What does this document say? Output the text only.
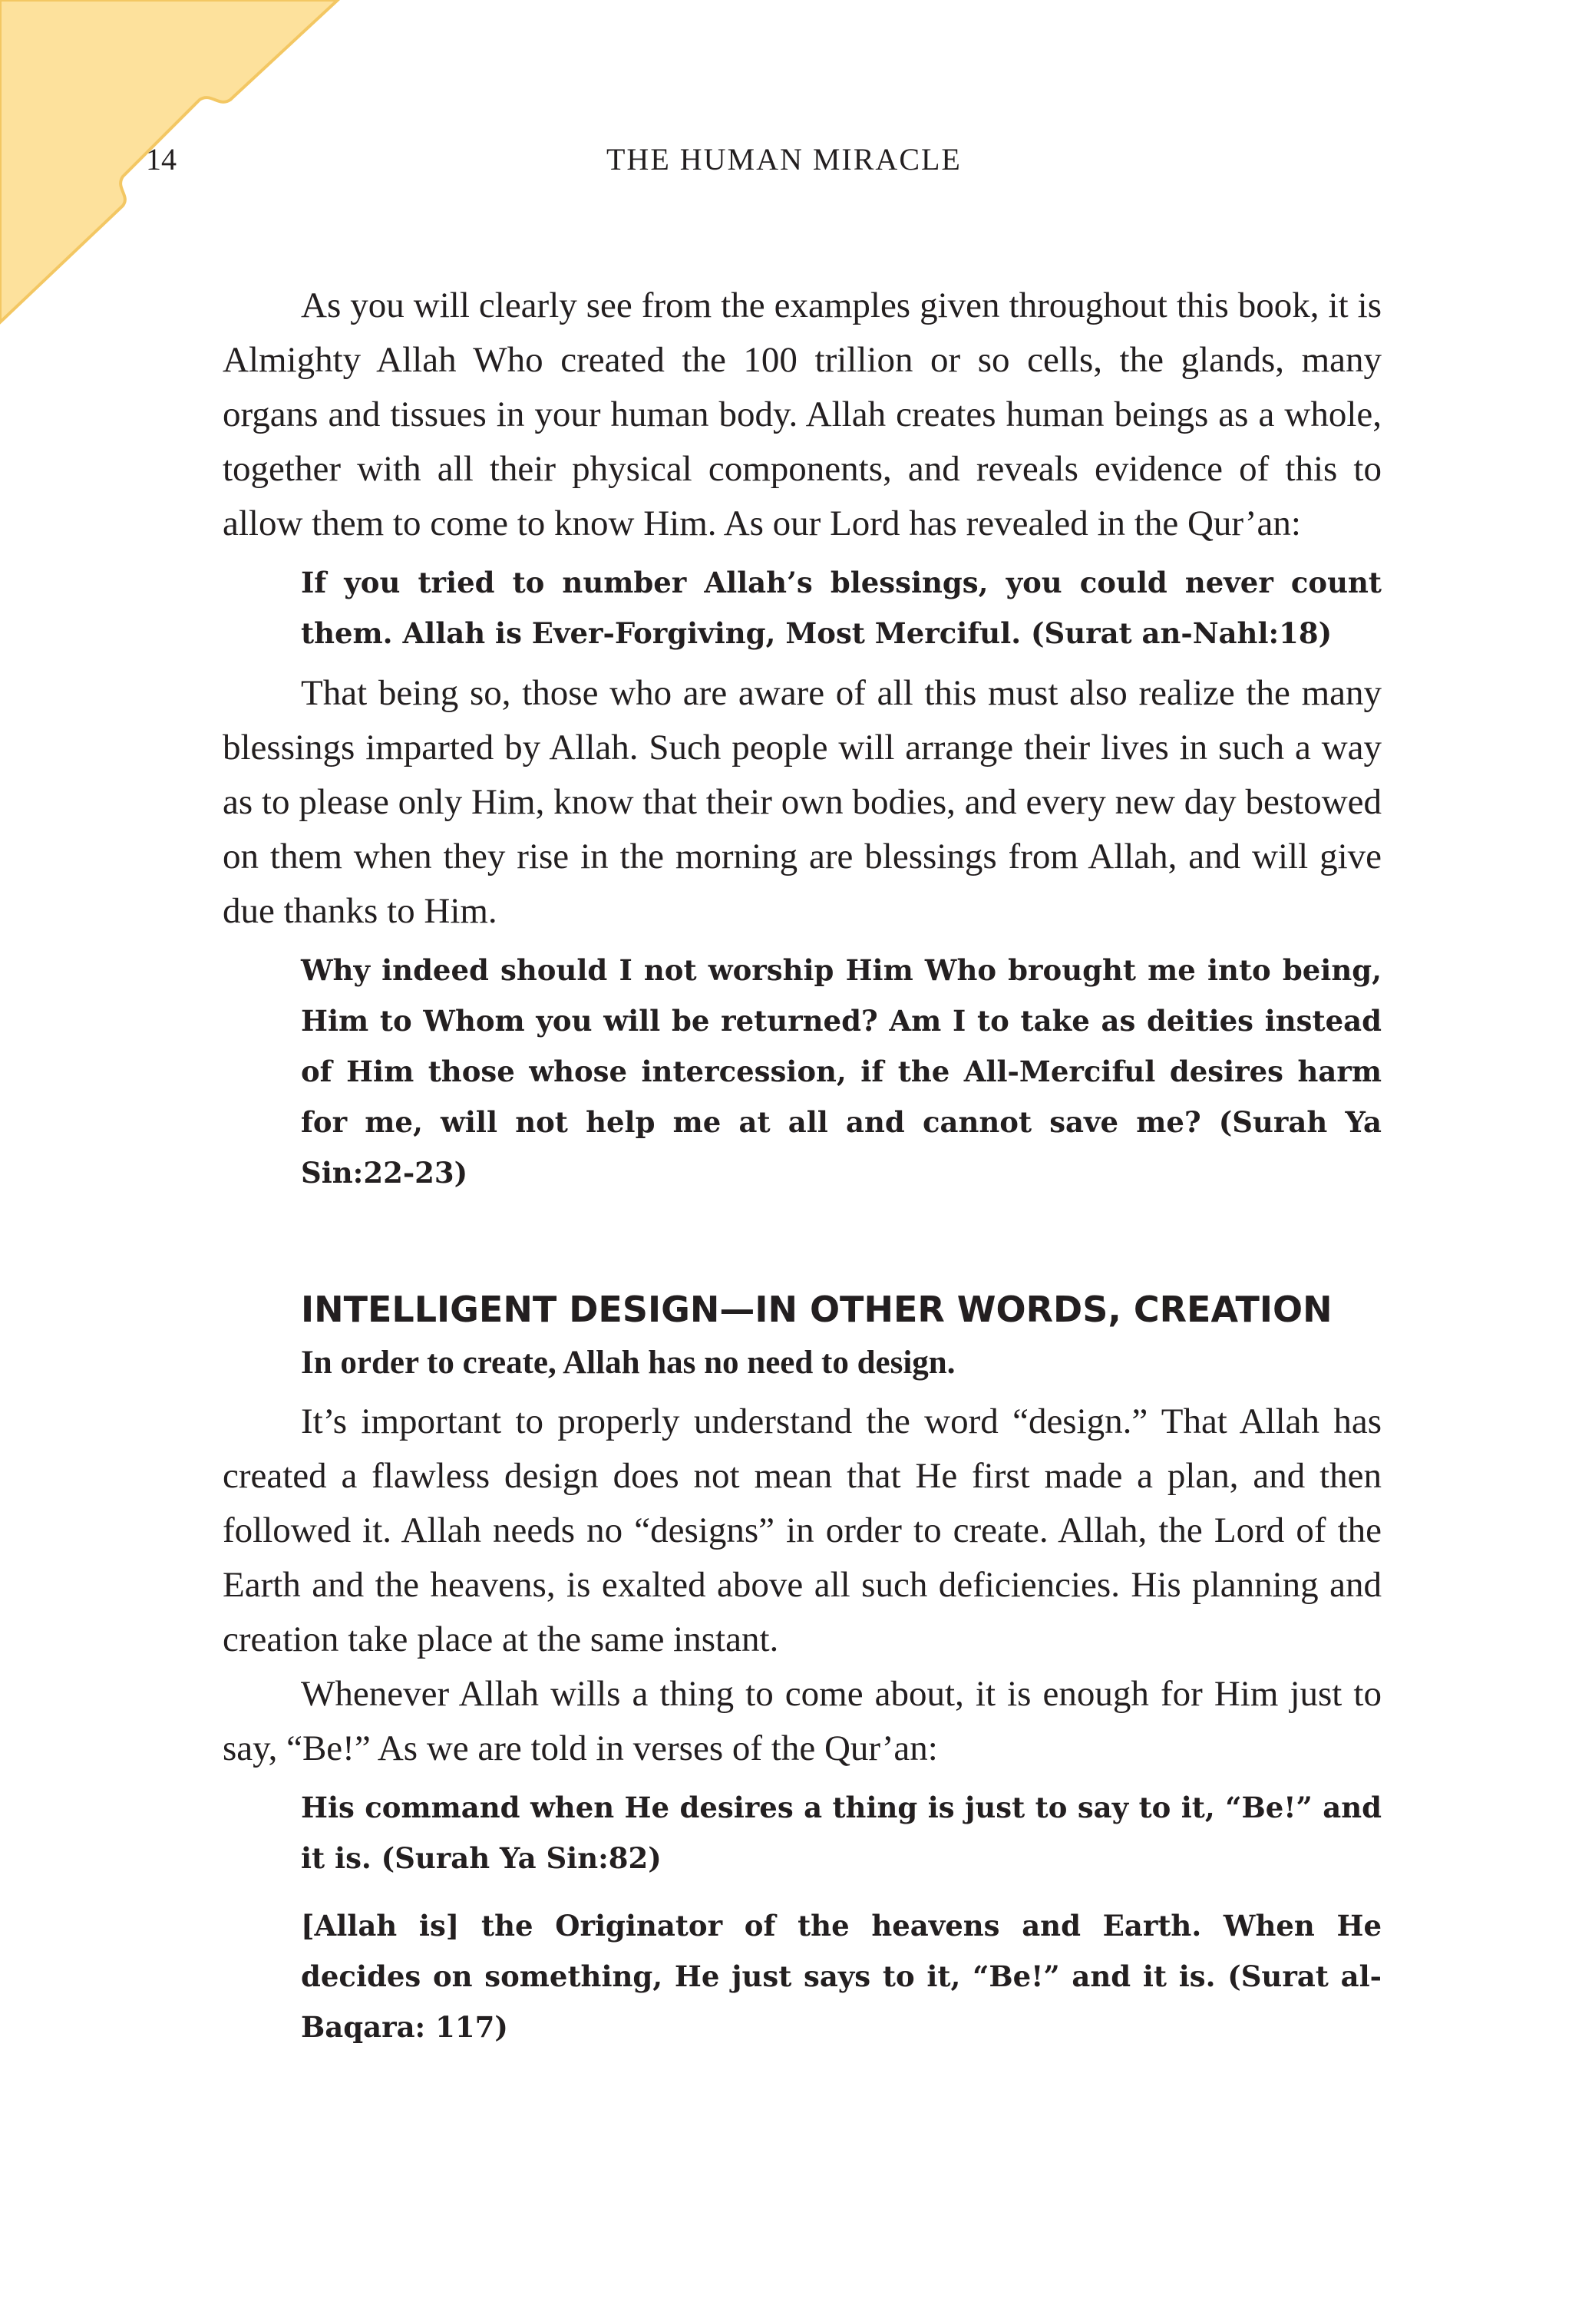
14	THE HUMAN MIRACLE

As you will clearly see from the examples given throughout this book, it is Almighty Allah Who created the 100 trillion or so cells, the glands, many organs and tissues in your human body. Allah creates human beings as a whole, together with all their physical components, and reveals evidence of this to allow them to come to know Him. As our Lord has revealed in the Qur’an:

If you tried to number Allah’s blessings, you could never count them. Allah is Ever-Forgiving, Most Merciful. (Surat an-Nahl:18)

That being so, those who are aware of all this must also realize the many blessings imparted by Allah. Such people will arrange their lives in such a way as to please only Him, know that their own bodies, and every new day bestowed on them when they rise in the morning are blessings from Allah, and will give due thanks to Him.

Why indeed should I not worship Him Who brought me into being, Him to Whom you will be returned? Am I to take as deities instead of Him those whose intercession, if the All-Merciful desires harm for me, will not help me at all and cannot save me? (Surah Ya Sin:22-23)

INTELLIGENT DESIGN—IN OTHER WORDS, CREATION

In order to create, Allah has no need to design.

It’s important to properly understand the word “design.” That Allah has created a flawless design does not mean that He first made a plan, and then followed it. Allah needs no “designs” in order to create. Allah, the Lord of the Earth and the heavens, is exalted above all such deficiencies. His planning and creation take place at the same instant.

Whenever Allah wills a thing to come about, it is enough for Him just to say, “Be!” As we are told in verses of the Qur’an:

His command when He desires a thing is just to say to it, “Be!” and it is. (Surah Ya Sin:82)

[Allah is] the Originator of the heavens and Earth. When He decides on something, He just says to it, “Be!” and it is. (Surat al-Baqara: 117)
